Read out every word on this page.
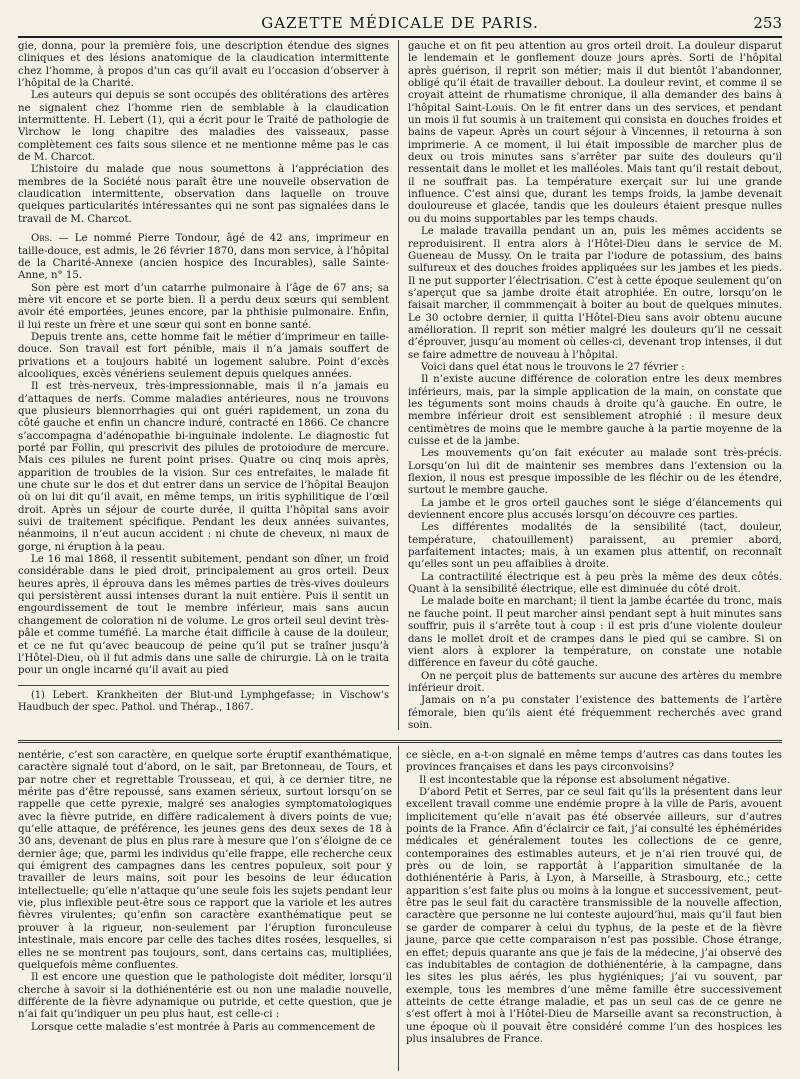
GAZETTE MÉDICALE DE PARIS.	253

gie, donna, pour la première fois, une description étendue des signes cliniques et des lésions anatomique de la claudication intermittente chez l’homme, à propos d’un cas qu’il avait eu l’occasion d’observer à l’hôpital de la Charité.

Les auteurs qui depuis se sont occupés des oblitérations des artères ne signalent chez l’homme rien de semblable à la claudication intermittente. H. Lebert (1), qui a écrit pour le Traité de pathologie de Virchow le long chapitre des maladies des vaisseaux, passe complètement ces faits sous silence et ne mentionne même pas le cas de M. Charcot.

L’histoire du malade que nous soumettons à l’appréciation des membres de la Société nous paraît être une nouvelle observation de claudication intermittente, observation dans laquelle on trouve quelques particularités intéressantes qui ne sont pas signalées dans le travail de M. Charcot.

Obs. — Le nommé Pierre Tondour, âgé de 42 ans, imprimeur en taille-douce, est admis, le 26 février 1870, dans mon service, à l’hôpital de la Charité-Annexe (ancien hospice des Incurables), salle Sainte-Anne, n° 15.

Son père est mort d’un catarrhe pulmonaire à l’âge de 67 ans; sa mère vit encore et se porte bien. Il a perdu deux sœurs qui semblent avoir été emportées, jeunes encore, par la phthisie pulmonaire. Enfin, il lui reste un frère et une sœur qui sont en bonne santé.

Depuis trente ans, cette homme fait le métier d’imprimeur en taille-douce. Son travail est fort pénible, mais il n’a jamais souffert de privations et a toujours habité un logement salubre. Point d’excès alcooliques, excès vénériens seulement depuis quelques années.

Il est très-nerveux, très-impressionnable, mais il n’a jamais eu d’attaques de nerfs. Comme maladies antérieures, nous ne trouvons que plusieurs blennorrhagies qui ont guéri rapidement, un zona du côté gauche et enfin un chancre induré, contracté en 1866. Ce chancre s’accompagna d’adénopathie bi-inguinale indolente. Le diagnostic fut porté par Follin, qui prescrivit des pilules de protoiodure de mercure. Mais ces pilules ne furent point prises. Quatre ou cinq mois après, apparition de troubles de la vision. Sur ces entrefaites, le malade fit une chute sur le dos et dut entrer dans un service de l’hôpital Beaujon où on lui dit qu’il avait, en même temps, un iritis syphilitique de l’œil droit. Après un séjour de courte durée, il quitta l’hôpital sans avoir suivi de traitement spécifique. Pendant les deux années suivantes, néanmoins, il n’eut aucun accident : ni chute de cheveux, ni maux de gorge, ni éruption à la peau.

Le 16 mai 1868, il ressentit subitement, pendant son dîner, un froid considérable dans le pied droit, principalement au gros orteil. Deux heures après, il éprouva dans les mêmes parties de très-vives douleurs qui persistèrent aussi intenses durant la nuit entière. Puis il sentit un engourdissement de tout le membre inférieur, mais sans aucun changement de coloration ni de volume. Le gros orteil seul devint très-pâle et comme tuméfié. La marche était difficile à cause de la douleur, et ce ne fut qu’avec beaucoup de peine qu’il put se traîner jusqu’à l’Hôtel-Dieu, où il fut admis dans une salle de chirurgie. Là on le traita pour un ongle incarné qu’il avait au pied

(1) Lebert. Krankheiten der Blut-und Lymphgefasse; in Vischow’s Haudbuch der spec. Pathol. und Thérap., 1867.

gauche et on fit peu attention au gros orteil droit. La douleur disparut le lendemain et le gonflement douze jours après. Sorti de l’hôpital après guérison, il reprit son métier; mais il dut bientôt l’abandonner, obligé qu’il était de travailler debout. La douleur revint, et comme il se croyait atteint de rhumatisme chronique, il alla demander des bains à l’hôpital Saint-Louis. On le fit entrer dans un des services, et pendant un mois il fut soumis à un traitement qui consista en douches froides et bains de vapeur. Après un court séjour à Vincennes, il retourna à son imprimerie. A ce moment, il lui était impossible de marcher plus de deux ou trois minutes sans s’arrêter par suite des douleurs qu’il ressentait dans le mollet et les malléoles. Mais tant qu’il restait debout, il ne souffrait pas. La température exerçait sur lui une grande influence. C’est ainsi que, durant les temps froids, la jambe devenait douloureuse et glacée, tandis que les douleurs étaient presque nulles ou du moins supportables par les temps chauds.

Le malade travailla pendant un an, puis les mêmes accidents se reproduisirent. Il entra alors à l’Hôtel-Dieu dans le service de M. Gueneau de Mussy. On le traita par l’iodure de potassium, des bains sulfureux et des douches froides appliquées sur les jambes et les pieds. Il ne put supporter l’électrisation. C’est à cette époque seulement qu’on s’aperçut que sa jambe droite était atrophiée. En outre, lorsqu’on le faisait marcher, il commmençait à boiter au bout de quelques minutes. Le 30 octobre dernier, il quitta l’Hôtel-Dieu sans avoir obtenu aucune amélioration. Il reprit son métier malgré les douleurs qu’il ne cessait d’éprouver, jusqu’au moment où celles-ci, devenant trop intenses, il dut se faire admettre de nouveau à l’hôpital.

Voici dans quel état nous le trouvons le 27 février :

Il n’existe aucune différence de coloration entre les deux membres inférieurs, mais, par la simple application de la main, on constate que les téguments sont moins chauds à droite qu’à gauche. En outre, le membre inférieur droit est sensiblement atrophié : il mesure deux centimètres de moins que le membre gauche à la partie moyenne de la cuisse et de la jambe.

Les mouvements qu’on fait exécuter au malade sont très-précis. Lorsqu’on lui dit de maintenir ses membres dans l’extension ou la flexion, il nous est presque impossible de les fléchir ou de les étendre, surtout le membre gauche.

La jambe et le gros orteil gauches sont le siége d’élancements qui deviennent encore plus accusés lorsqu’on découvre ces parties.

Les différentes modalités de la sensibilité (tact, douleur, température, chatouillement) paraissent, au premier abord, parfaitement intactes; mais, à un examen plus attentif, on reconnaît qu’elles sont un peu affaiblies à droite.

La contractilité électrique est à peu près la même des deux côtés. Quant à la sensibilité électrique, elle est diminuée du côté droit.

Le malade boite en marchant; il tient la jambe écartée du tronc, mais ne fauche point. Il peut marcher ainsi pendant sept à huit minutes sans souffrir, puis il s’arrête tout à coup : il est pris d’une violente douleur dans le mollet droit et de crampes dans le pied qui se cambre. Si on vient alors à explorer la température, on constate une notable différence en faveur du côté gauche.

On ne perçoit plus de battements sur aucune des artères du membre inférieur droit.

Jamais on n’a pu constater l’existence des battements de l’artère fémorale, bien qu’ils aient été fréquemment recherchés avec grand soin.

nentérie, c’est son caractère, en quelque sorte éruptif exanthématique, caractère signalé tout d’abord, on le sait, par Bretonneau, de Tours, et par notre cher et regrettable Trousseau, et qui, à ce dernier titre, ne mérite pas d’être repoussé, sans examen sérieux, surtout lorsqu’on se rappelle que cette pyrexie, malgré ses analogies symptomatologiques avec la fièvre putride, en diffère radicalement à divers points de vue; qu’elle attaque, de préférence, les jeunes gens des deux sexes de 18 à 30 ans, devenant de plus en plus rare à mesure que l’on s’éloigne de ce dernier âge; que, parmi les individus qu’elle frappe, elle recherche ceux qui émigrent des campagnes dans les centres populeux, soit pour y travailler de leurs mains, soit pour les besoins de leur éducation intellectuelle; qu’elle n’attaque qu’une seule fois les sujets pendant leur vie, plus inflexible peut-être sous ce rapport que la variole et les autres fièvres virulentes; qu’enfin son caractère exanthématique peut se prouver à la rigueur, non-seulement par l’éruption furonculeuse intestinale, mais encore par celle des taches dites rosées, lesquelles, si elles ne se montrent pas toujours, sont, dans certains cas, multipliées, quelquefois même confluentes.

Il est encore une question que le pathologiste doit méditer, lorsqu’il cherche à savoir si la dothiénentérie est ou non une maladie nouvelle, différente de la fièvre adynamique ou putride, et cette question, que je n’ai fait qu’indiquer un peu plus haut, est celle-ci :

Lorsque cette maladie s’est montrée à Paris au commencement de

ce siècle, en a-t-on signalé en même temps d’autres cas dans toutes les provinces françaises et dans les pays circonvoisins?

Il est incontestable que la réponse est absolument négative.

D’abord Petit et Serres, par ce seul fait qu’ils la présentent dans leur excellent travail comme une endémie propre à la ville de Paris, avouent implicitement qu’elle n’avait pas été observée ailleurs, sur d’autres points de la France. Afin d’éclaircir ce fait, j’ai consulté les éphémérides médicales et généralement toutes les collections de ce genre, contemporaines des estimables auteurs, et je n’ai rien trouvé qui, de près ou de loin, se rapportât à l’apparition simultanée de la dothiénentérie à Paris, à Lyon, à Marseille, à Strasbourg, etc.; cette apparition s’est faite plus ou moins à la longue et successivement, peut-être pas le seul fait du caractère transmissible de la nouvelle affection, caractère que personne ne lui conteste aujourd’hui, mais qu’il faut bien se garder de comparer à celui du typhus, de la peste et de la fièvre jaune, parce que cette comparaison n’est pas possible. Chose étrange, en effet; depuis quarante ans que je fais de la médecine, j’ai observé des cas indubitables de contagion de dothiénentérie, à la campagne, dans les sites les plus aérés, les plus hygiéniques; j’ai vu souvent, par exemple, tous les membres d’une même famille être successivement atteints de cette étrange maladie, et pas un seul cas de ce genre ne s’est offert à moi à l’Hôtel-Dieu de Marseille avant sa reconstruction, à une époque où il pouvait être considéré comme l’un des hospices les plus insalubres de France.
